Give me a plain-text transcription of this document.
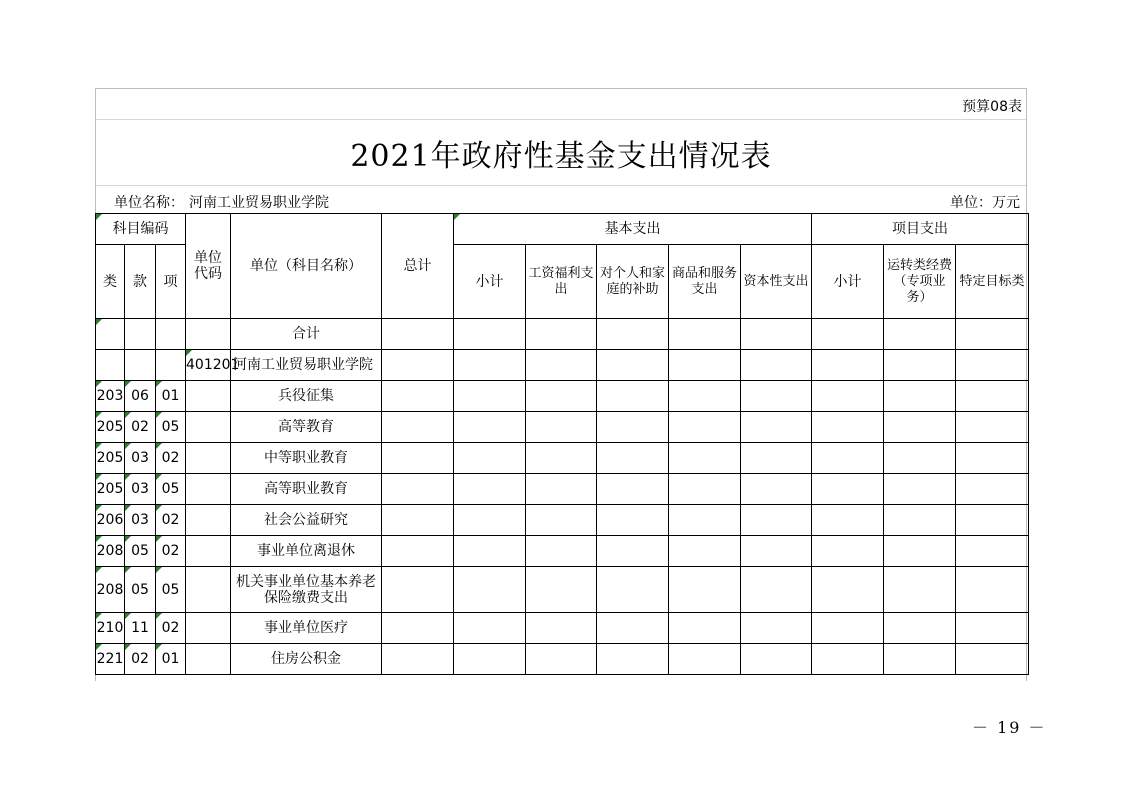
预算08表
2021年政府性基金支出情况表
单位名称： 河南工业贸易职业学院	单位：万元
科目编码			单位代码	单位（科目名称）	总计	基本支出					项目支出		
类	款	项				小计	工资福利支出	对个人和家庭的补助	商品和服务支出	资本性支出	小计	运转类经费（专项业务）	特定目标类
				合计									
			401201	河南工业贸易职业学院									
203	06	01		兵役征集									
205	02	05		高等教育									
205	03	02		中等职业教育									
205	03	05		高等职业教育									
206	03	02		社会公益研究									
208	05	02		事业单位离退休									
208	05	05		机关事业单位基本养老保险缴费支出									

210	11	02		事业单位医疗									
221	02	01		住房公积金									
－ 19 －
